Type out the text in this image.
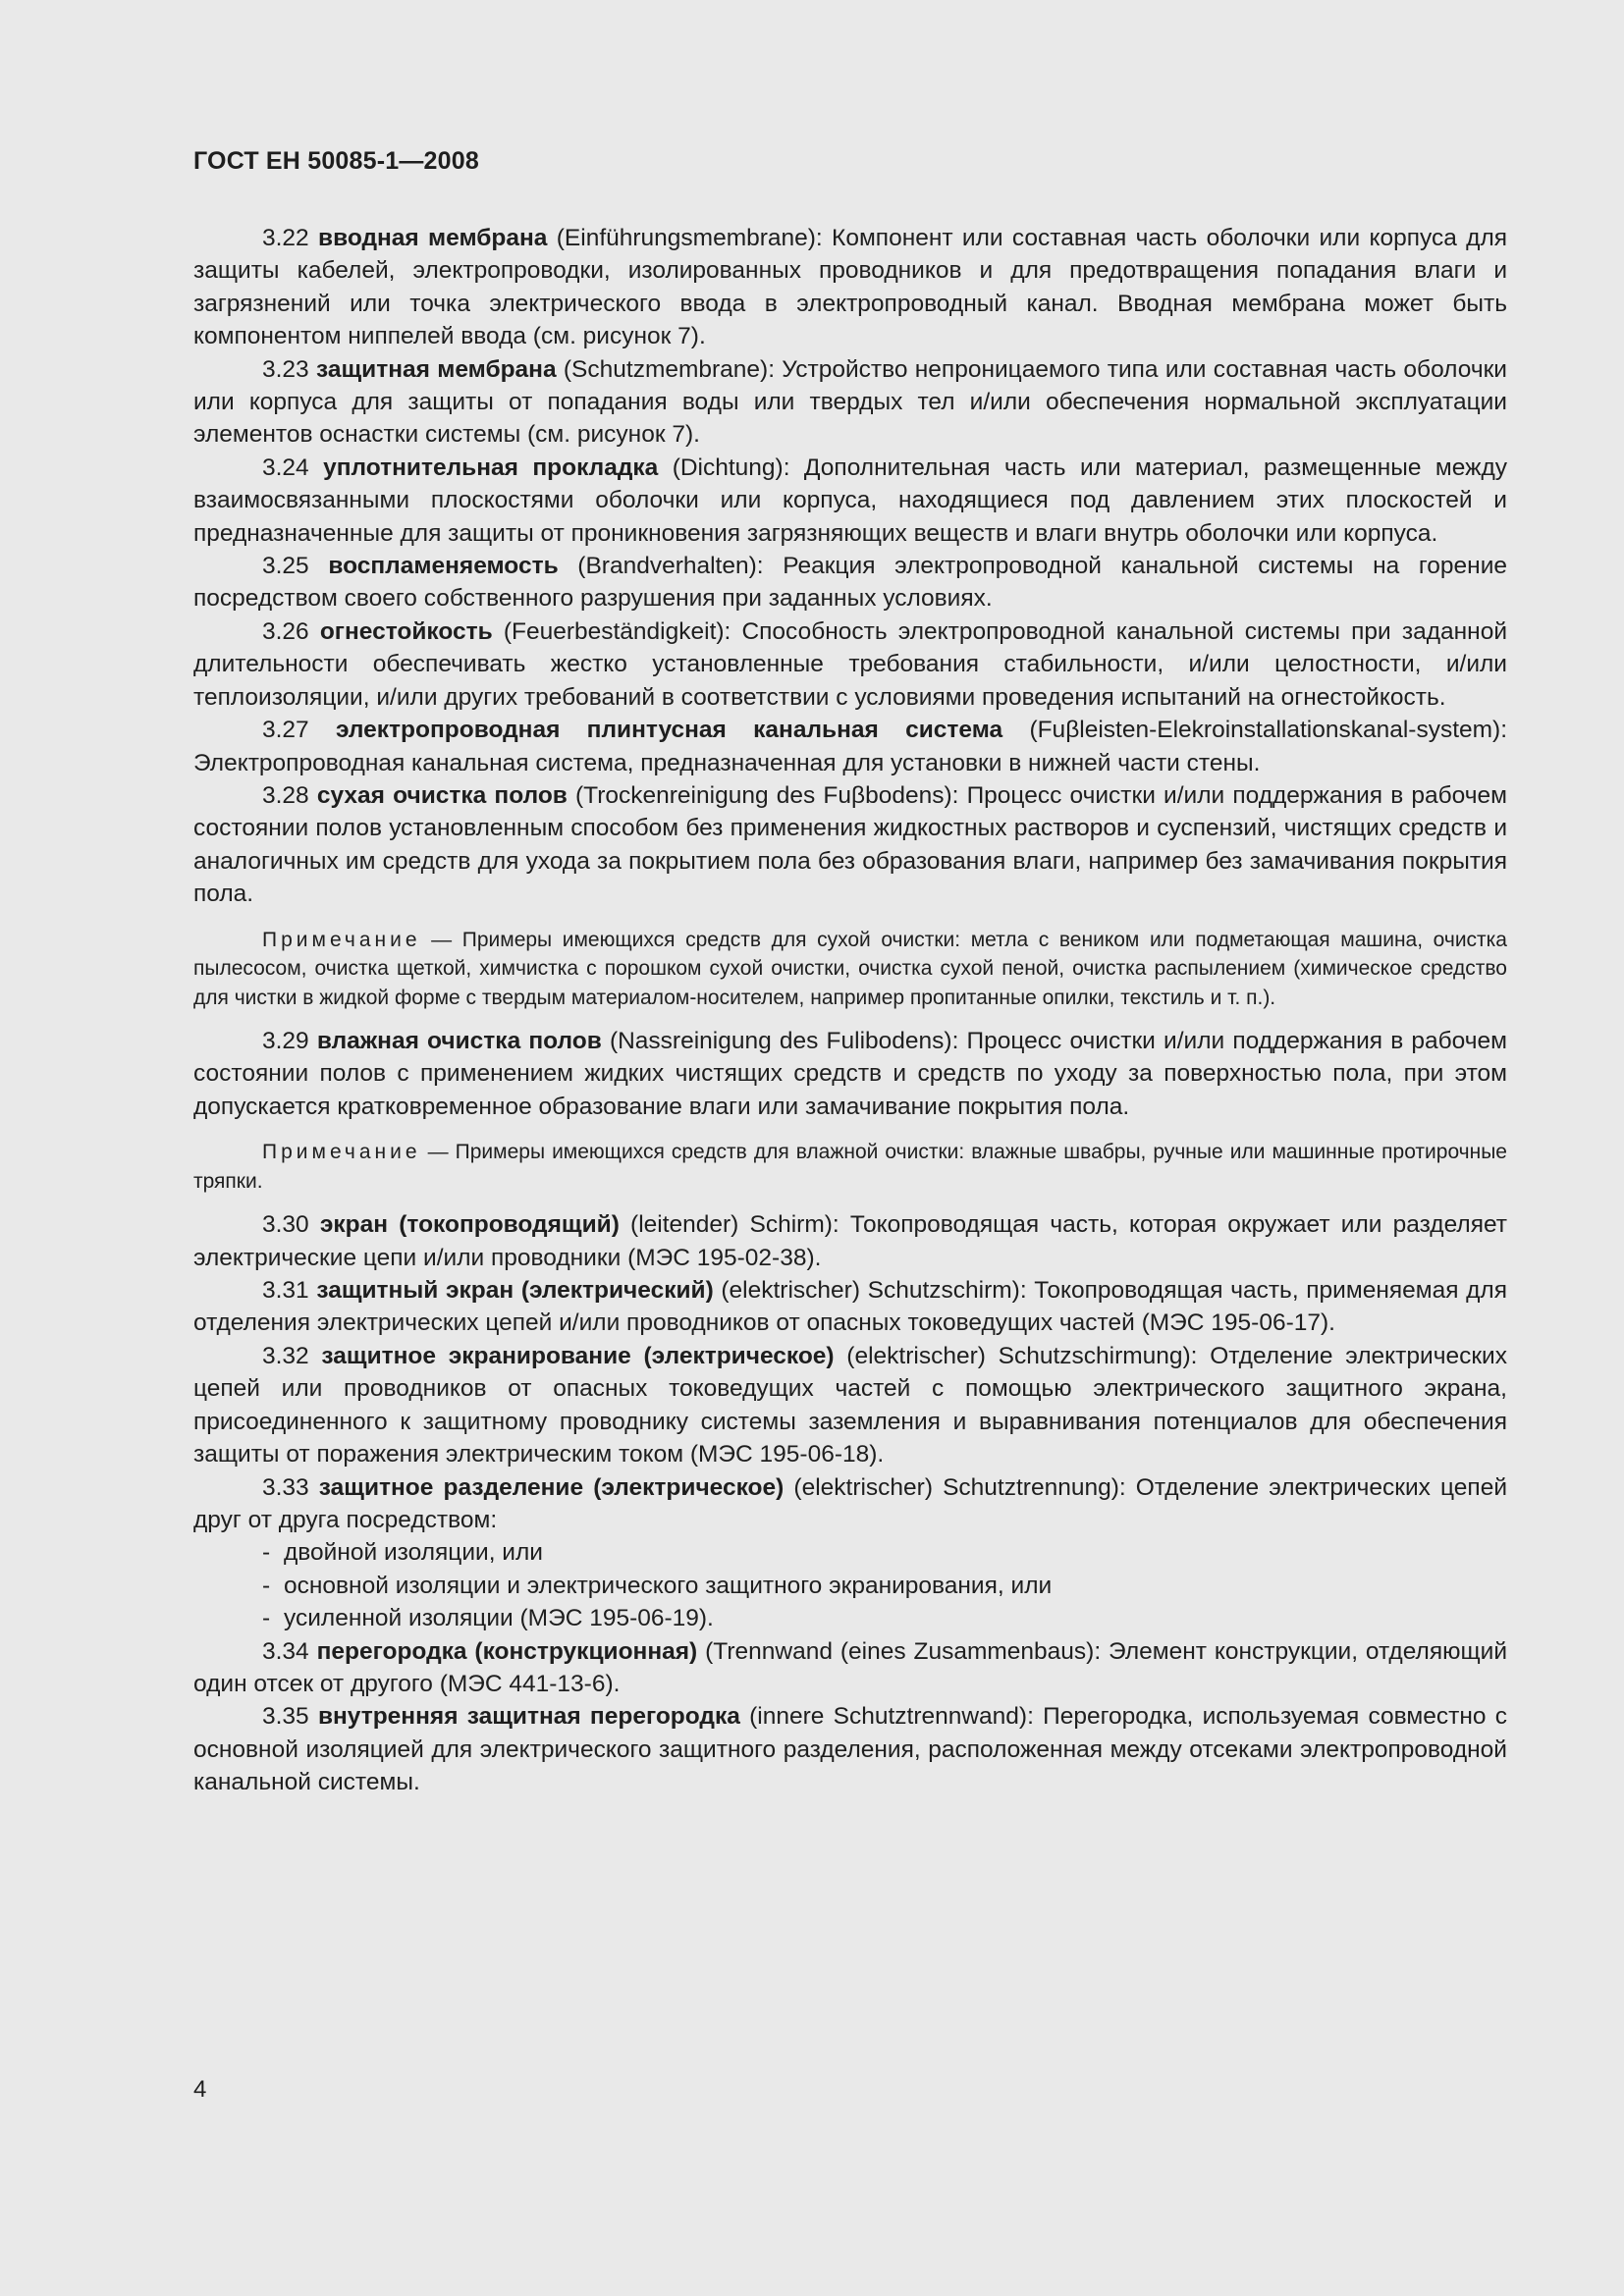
ГОСТ ЕН 50085-1—2008

3.22 вводная мембрана (Einführungsmembrane): Компонент или составная часть оболочки или корпуса для защиты кабелей, электропроводки, изолированных проводников и для предотвращения попадания влаги и загрязнений или точка электрического ввода в электропроводный канал. Вводная мембрана может быть компонентом ниппелей ввода (см. рисунок 7).

3.23 защитная мембрана (Schutzmembrane): Устройство непроницаемого типа или составная часть оболочки или корпуса для защиты от попадания воды или твердых тел и/или обеспечения нормальной эксплуатации элементов оснастки системы (см. рисунок 7).

3.24 уплотнительная прокладка (Dichtung): Дополнительная часть или материал, размещенные между взаимосвязанными плоскостями оболочки или корпуса, находящиеся под давлением этих плоскостей и предназначенные для защиты от проникновения загрязняющих веществ и влаги внутрь оболочки или корпуса.

3.25 воспламеняемость (Brandverhalten): Реакция электропроводной канальной системы на горение посредством своего собственного разрушения при заданных условиях.

3.26 огнестойкость (Feuerbeständigkeit): Способность электропроводной канальной системы при заданной длительности обеспечивать жестко установленные требования стабильности, и/или целостности, и/или теплоизоляции, и/или других требований в соответствии с условиями проведения испытаний на огнестойкость.

3.27 электропроводная плинтусная канальная система (Fuβleisten-Elekroinstallationskanal-system): Электропроводная канальная система, предназначенная для установки в нижней части стены.

3.28 сухая очистка полов (Trockenreinigung des Fuβbodens): Процесс очистки и/или поддержания в рабочем состоянии полов установленным способом без применения жидкостных растворов и суспензий, чистящих средств и аналогичных им средств для ухода за покрытием пола без образования влаги, например без замачивания покрытия пола.

Примечание — Примеры имеющихся средств для сухой очистки: метла с веником или подметающая машина, очистка пылесосом, очистка щеткой, химчистка с порошком сухой очистки, очистка сухой пеной, очистка распылением (химическое средство для чистки в жидкой форме с твердым материалом-носителем, например пропитанные опилки, текстиль и т. п.).

3.29 влажная очистка полов (Nassreinigung des Fulibodens): Процесс очистки и/или поддержания в рабочем состоянии полов с применением жидких чистящих средств и средств по уходу за поверхностью пола, при этом допускается кратковременное образование влаги или замачивание покрытия пола.

Примечание — Примеры имеющихся средств для влажной очистки: влажные швабры, ручные или машинные протирочные тряпки.

3.30 экран (токопроводящий) (leitender) Schirm): Токопроводящая часть, которая окружает или разделяет электрические цепи и/или проводники (МЭС 195-02-38).

3.31 защитный экран (электрический) (elektrischer) Schutzschirm): Токопроводящая часть, применяемая для отделения электрических цепей и/или проводников от опасных токоведущих частей (МЭС 195-06-17).

3.32 защитное экранирование (электрическое) (elektrischer) Schutzschirmung): Отделение электрических цепей или проводников от опасных токоведущих частей с помощью электрического защитного экрана, присоединенного к защитному проводнику системы заземления и выравнивания потенциалов для обеспечения защиты от поражения электрическим током (МЭС 195-06-18).

3.33 защитное разделение (электрическое) (elektrischer) Schutztrennung): Отделение электрических цепей друг от друга посредством:

- двойной изоляции, или

- основной изоляции и электрического защитного экранирования, или

- усиленной изоляции (МЭС 195-06-19).

3.34 перегородка (конструкционная) (Trennwand (eines Zusammenbaus): Элемент конструкции, отделяющий один отсек от другого (МЭС 441-13-6).

3.35 внутренняя защитная перегородка (innere Schutztrennwand): Перегородка, используемая совместно с основной изоляцией для электрического защитного разделения, расположенная между отсеками электропроводной канальной системы.

4
